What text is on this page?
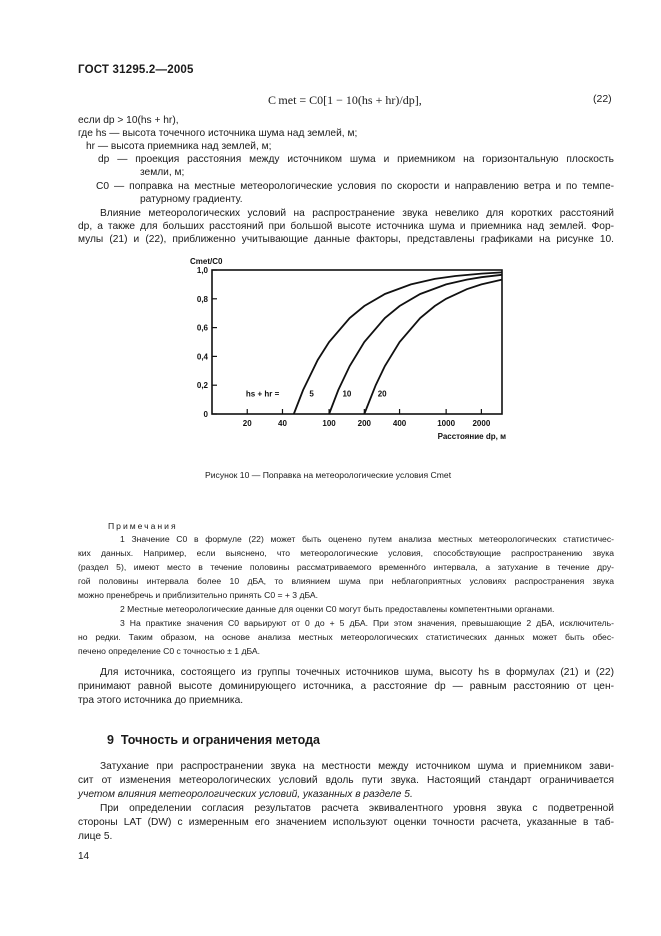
ГОСТ 31295.2—2005
C met = C0[1 − 10(hs + hr)/dp],	(22)
если dp > 10(hs + hr),
где hs — высота точечного источника шума над землей, м;
hr — высота приемника над землей, м;
dp — проекция расстояния между источником шума и приемником на горизонтальную плоскость
земли, м;
C0 — поправка на местные метеорологические условия по скорости и направлению ветра и по темпе-
ратурному градиенту.
Влияние метеорологических условий на распространение звука невелико для коротких расстояний
dp, а также для больших расстояний при большой высоте источника шума и приемника над землей. Фор-
мулы (21) и (22), приближенно учитывающие данные факторы, представлены графиками на рисунке 10.
0
0,2
0,4
0,6
0,8
1,0
20	40	100	200	400	1000 2000
Cmet/C0
Расстояние dp, м
5	10	20
hs + hr =
Рисунок 10 — Поправка на метеорологические условия Cmet
Примечания
1 Значение C0 в формуле (22) может быть оценено путем анализа местных метеорологических статистичес-
ких данных. Например, если выяснено, что метеорологические условия, способствующие распространению звука
(раздел 5), имеют место в течение половины рассматриваемого временнóго интервала, а затухание в течение дру-
гой половины интервала более 10 дБА, то влиянием шума при неблагоприятных условиях распространения звука
можно пренебречь и приблизительно принять C0 = + 3 дБА.
2 Местные метеорологические данные для оценки C0 могут быть предоставлены компетентными органами.
3 На практике значения C0 варьируют от 0 до + 5 дБА. При этом значения, превышающие 2 дБА, исключитель-
но редки. Таким образом, на основе анализа местных метеорологических статистических данных может быть обес-
печено определение C0 с точностью ± 1 дБА.
Для источника, состоящего из группы точечных источников шума, высоту hs в формулах (21) и (22)
принимают равной высоте доминирующего источника, а расстояние dp — равным расстоянию от цен-
тра этого источника до приемника.
9 Точность и ограничения метода
Затухание при распространении звука на местности между источником шума и приемником зави-
сит от изменения метеорологических условий вдоль пути звука. Настоящий стандарт ограничивается
учетом влияния метеорологических условий, указанных в разделе 5.
При определении согласия результатов расчета эквивалентного уровня звука с подветренной
стороны LAT (DW) с измеренным его значением используют оценки точности расчета, указанные в таб-
лице 5.
14
